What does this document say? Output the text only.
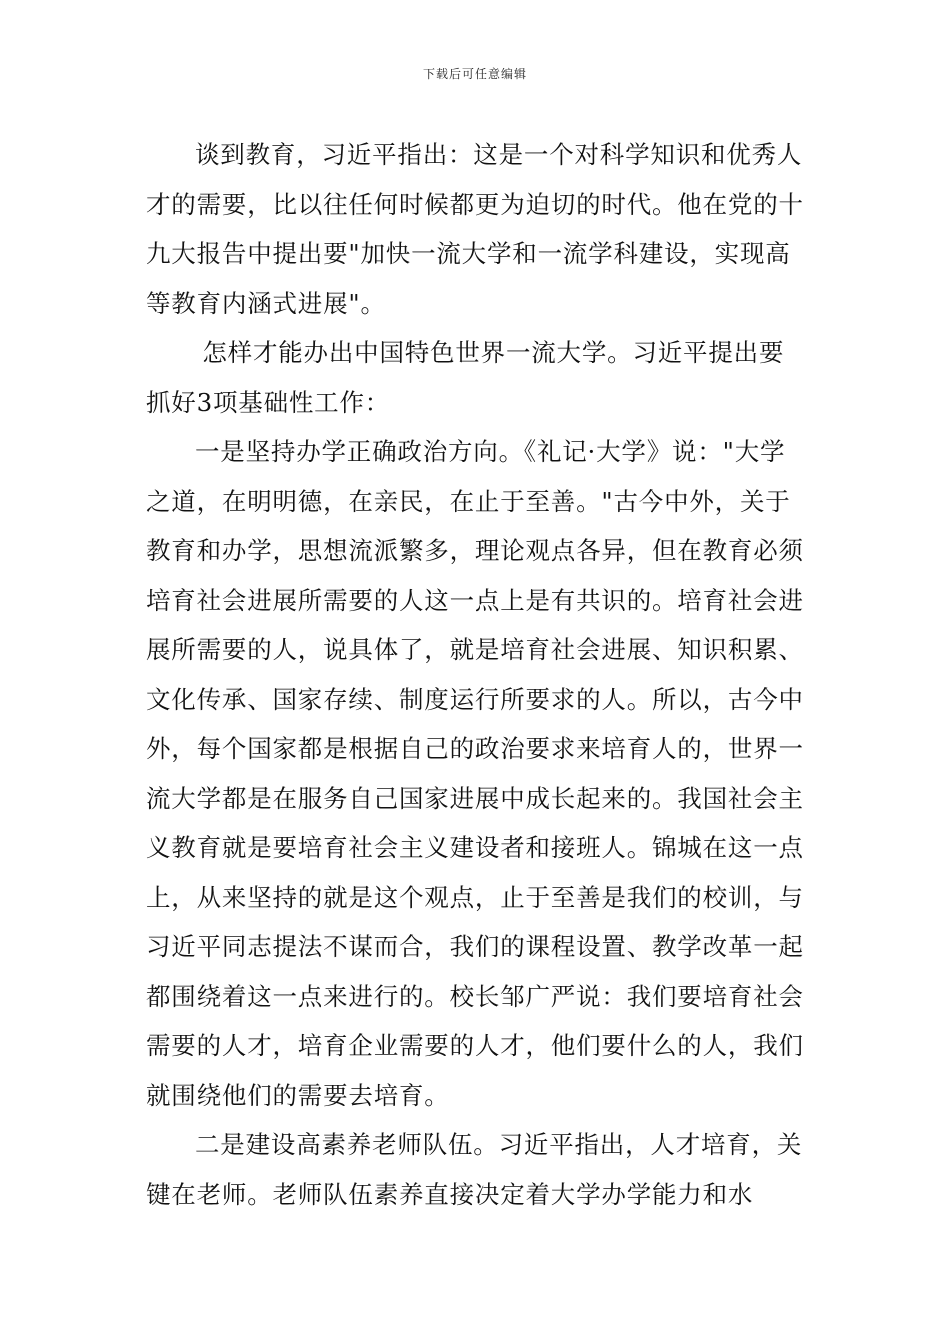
下载后可任意编辑

谈到教育，习近平指出：这是一个对科学知识和优秀人才的需要，比以往任何时候都更为迫切的时代。他在党的十九大报告中提出要"加快一流大学和一流学科建设，实现高等教育内涵式进展"。

怎样才能办出中国特色世界一流大学。习近平提出要抓好3项基础性工作：

一是坚持办学正确政治方向。《礼记·大学》说："大学之道，在明明德，在亲民，在止于至善。"古今中外，关于教育和办学，思想流派繁多，理论观点各异，但在教育必须培育社会进展所需要的人这一点上是有共识的。培育社会进展所需要的人，说具体了，就是培育社会进展、知识积累、文化传承、国家存续、制度运行所要求的人。所以，古今中外，每个国家都是根据自己的政治要求来培育人的，世界一流大学都是在服务自己国家进展中成长起来的。我国社会主义教育就是要培育社会主义建设者和接班人。锦城在这一点上，从来坚持的就是这个观点，止于至善是我们的校训，与习近平同志提法不谋而合，我们的课程设置、教学改革一起都围绕着这一点来进行的。校长邹广严说：我们要培育社会需要的人才，培育企业需要的人才，他们要什么的人，我们就围绕他们的需要去培育。

二是建设高素养老师队伍。习近平指出，人才培育，关键在老师。老师队伍素养直接决定着大学办学能力和水
